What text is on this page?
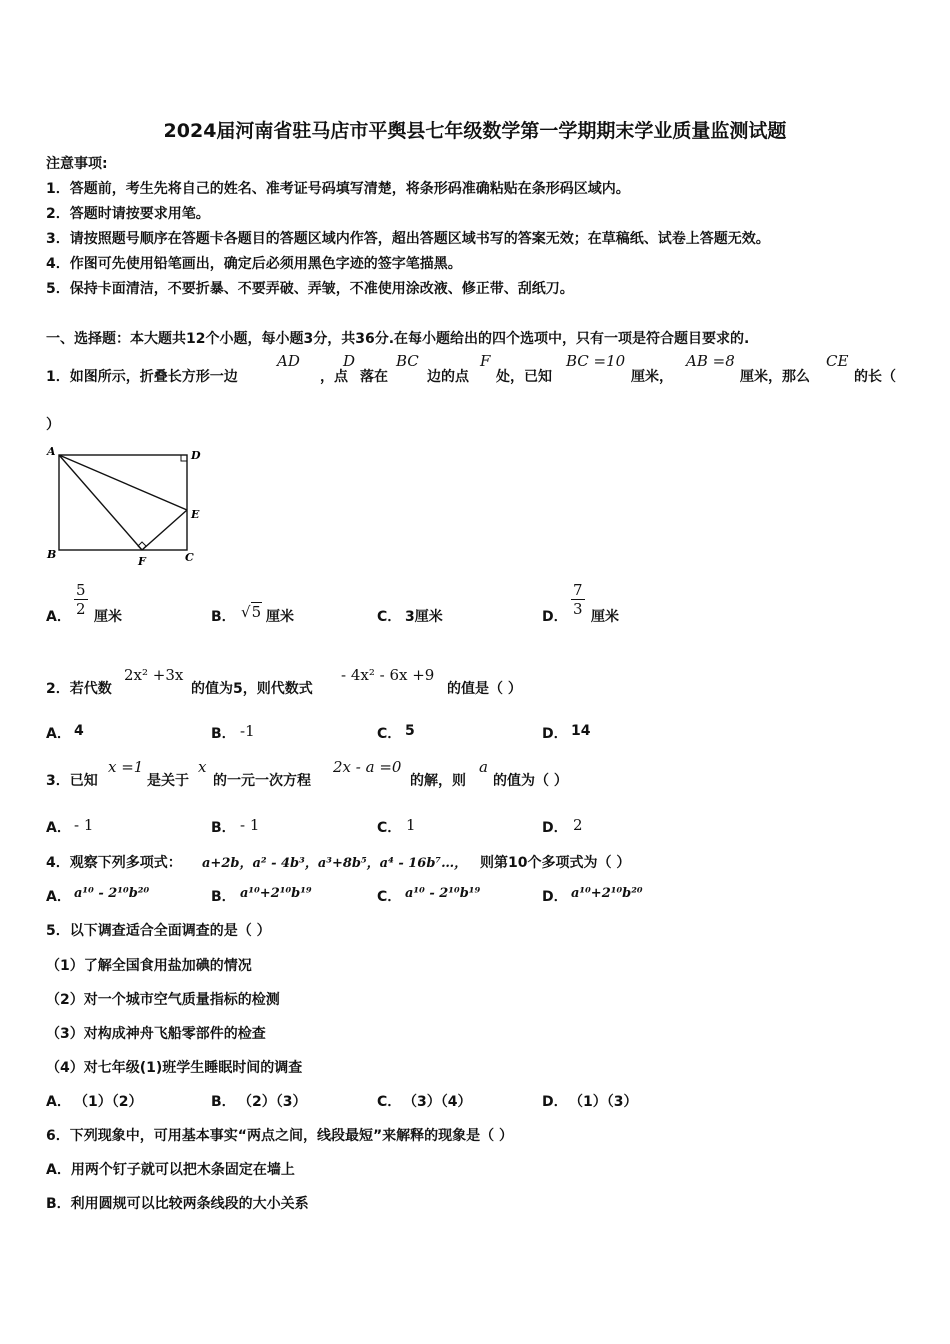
2024届河南省驻马店市平舆县七年级数学第一学期期末学业质量监测试题
注意事项:
1．答题前，考生先将自己的姓名、准考证号码填写清楚，将条形码准确粘贴在条形码区域内。
2．答题时请按要求用笔。
3．请按照题号顺序在答题卡各题目的答题区域内作答，超出答题区域书写的答案无效；在草稿纸、试卷上答题无效。
4．作图可先使用铅笔画出，确定后必须用黑色字迹的签字笔描黑。
5．保持卡面清洁，不要折暴、不要弄破、弄皱，不准使用涂改液、修正带、刮纸刀。
一、选择题：本大题共12个小题，每小题3分，共36分.在每小题给出的四个选项中，只有一项是符合题目要求的.
1．如图所示，折叠长方形一边
AD
，点
D
落在
BC
边的点
F
处，已知
BC =10
厘米，
AB =8
厘米，那么
CE
的长（
）
A	D
E
B	C
F
A． $\frac{5}{2}$ 厘米	B． √5 厘米	C． 3厘米	D． $\frac{7}{3}$ 厘米
2．若代数
2x² +3x
的值为5，则代数式
- 4x² - 6x +9
的值是（ ）
A． 4	B． -1	C． 5	D． 14
3．已知
x =1
是关于
x
的一元一次方程
2x - a =0
的解，则
a
的值为（ ）
A． - 1	B． - 1	C． 1	D． 2
4．观察下列多项式： a+2b，a² - 4b³，a³+8b⁵，a⁴ - 16b⁷…， 则第10个多项式为（ ）
A． a¹⁰ - 2¹⁰b²⁰	B． a¹⁰+2¹⁰b¹⁹	C． a¹⁰ - 2¹⁰b¹⁹	D． a¹⁰+2¹⁰b²⁰
5．以下调查适合全面调查的是（ ）
（1）了解全国食用盐加碘的情况
（2）对一个城市空气质量指标的检测
（3）对构成神舟飞船零部件的检查
（4）对七年级(1)班学生睡眠时间的调查
A． （1）（2）	B． （2）（3）	C． （3）（4）	D． （1）（3）
6．下列现象中，可用基本事实“两点之间，线段最短”来解释的现象是（ ）
A．用两个钉子就可以把木条固定在墙上
B．利用圆规可以比较两条线段的大小关系
